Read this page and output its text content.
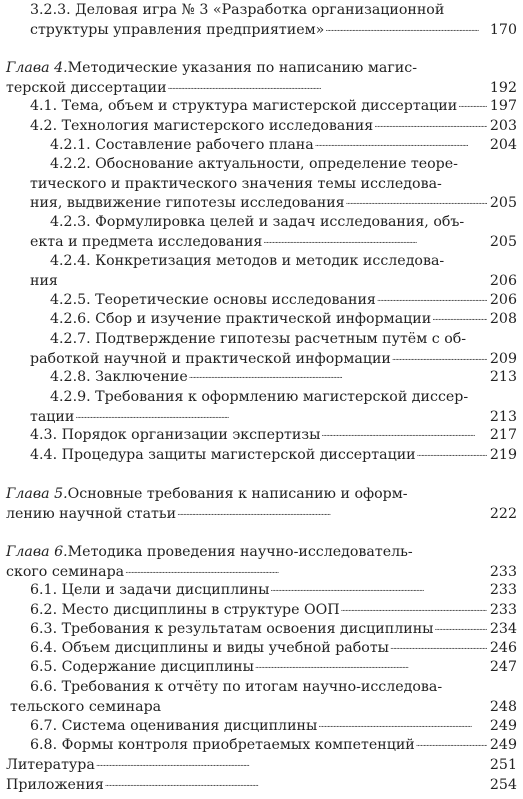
3.2.3. Деловая игра № 3 «Разработка организационной
структуры управления предприятием» . . .	170
Глава 4. Методические указания по написанию магис-
терской диссертации . . .	192
4.1. Тема, объем и структура магистерской диссертации . . . 197
4.2. Технология магистерского исследования . . .	203
4.2.1. Составление рабочего плана . . .	204
4.2.2. Обоснование актуальности, определение теоре-
тического и практического значения темы исследова-
ния, выдвижение гипотезы исследования . . .	205
4.2.3. Формулировка целей и задач исследования, объ-
екта и предмета исследования . . .	205
4.2.4. Конкретизация методов и методик исследова-
ния	206
4.2.5. Теоретические основы исследования . . .	206
4.2.6. Сбор и изучение практической информации . . .	208
4.2.7. Подтверждение гипотезы расчетным путём с об-
работкой научной и практической информации . . .	209
4.2.8. Заключение . . .	213
4.2.9. Требования к оформлению магистерской диссер-
тации . . .	213
4.3. Порядок организации экспертизы . . .	217
4.4. Процедура защиты магистерской диссертации . . .	219
Глава 5. Основные требования к написанию и оформ-
лению научной статьи . . .	222
Глава 6. Методика проведения научно-исследователь-
ского семинара . . .	233
6.1. Цели и задачи дисциплины . . .	233
6.2. Место дисциплины в структуре ООП . . .	233
6.3. Требования к результатам освоения дисциплины . . .	234
6.4. Объем дисциплины и виды учебной работы . . .	246
6.5. Содержание дисциплины . . .	247
6.6. Требования к отчёту по итогам научно-исследова-
тельского семинара	248
6.7. Система оценивания дисциплины . . .	249
6.8. Формы контроля приобретаемых компетенций . . .	249
Литература . . .	251
Приложения . . .	254
